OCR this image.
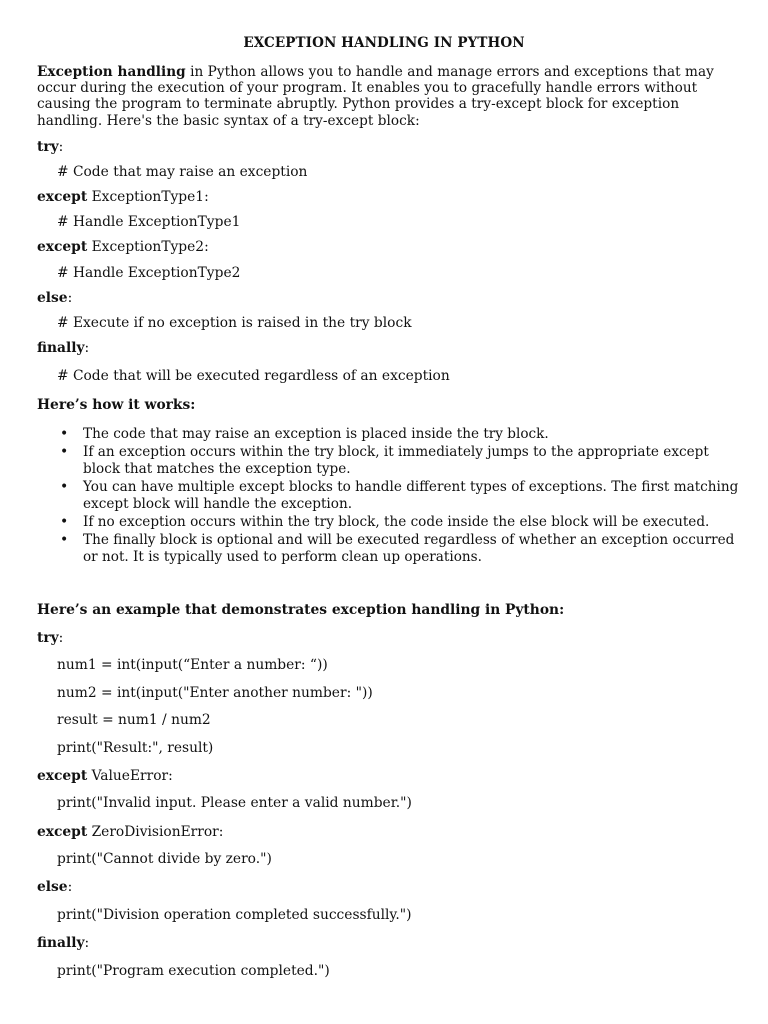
EXCEPTION HANDLING IN PYTHON
Exception handling in Python allows you to handle and manage errors and exceptions that may occur during the execution of your program. It enables you to gracefully handle errors without causing the program to terminate abruptly. Python provides a try-except block for exception handling. Here's the basic syntax of a try-except block:
try:
# Code that may raise an exception
except ExceptionType1:
# Handle ExceptionType1
except ExceptionType2:
# Handle ExceptionType2
else:
# Execute if no exception is raised in the try block
finally:
# Code that will be executed regardless of an exception
Here’s how it works:
• The code that may raise an exception is placed inside the try block.
• If an exception occurs within the try block, it immediately jumps to the appropriate except block that matches the exception type.
• You can have multiple except blocks to handle different types of exceptions. The first matching except block will handle the exception.
• If no exception occurs within the try block, the code inside the else block will be executed.
• The finally block is optional and will be executed regardless of whether an exception occurred or not. It is typically used to perform clean up operations.
Here’s an example that demonstrates exception handling in Python:
try:
num1 = int(input(“Enter a number: “))
num2 = int(input("Enter another number: "))
result = num1 / num2
print("Result:", result)
except ValueError:
print("Invalid input. Please enter a valid number.")
except ZeroDivisionError:
print("Cannot divide by zero.")
else:
print("Division operation completed successfully.")
finally:
print("Program execution completed.")
